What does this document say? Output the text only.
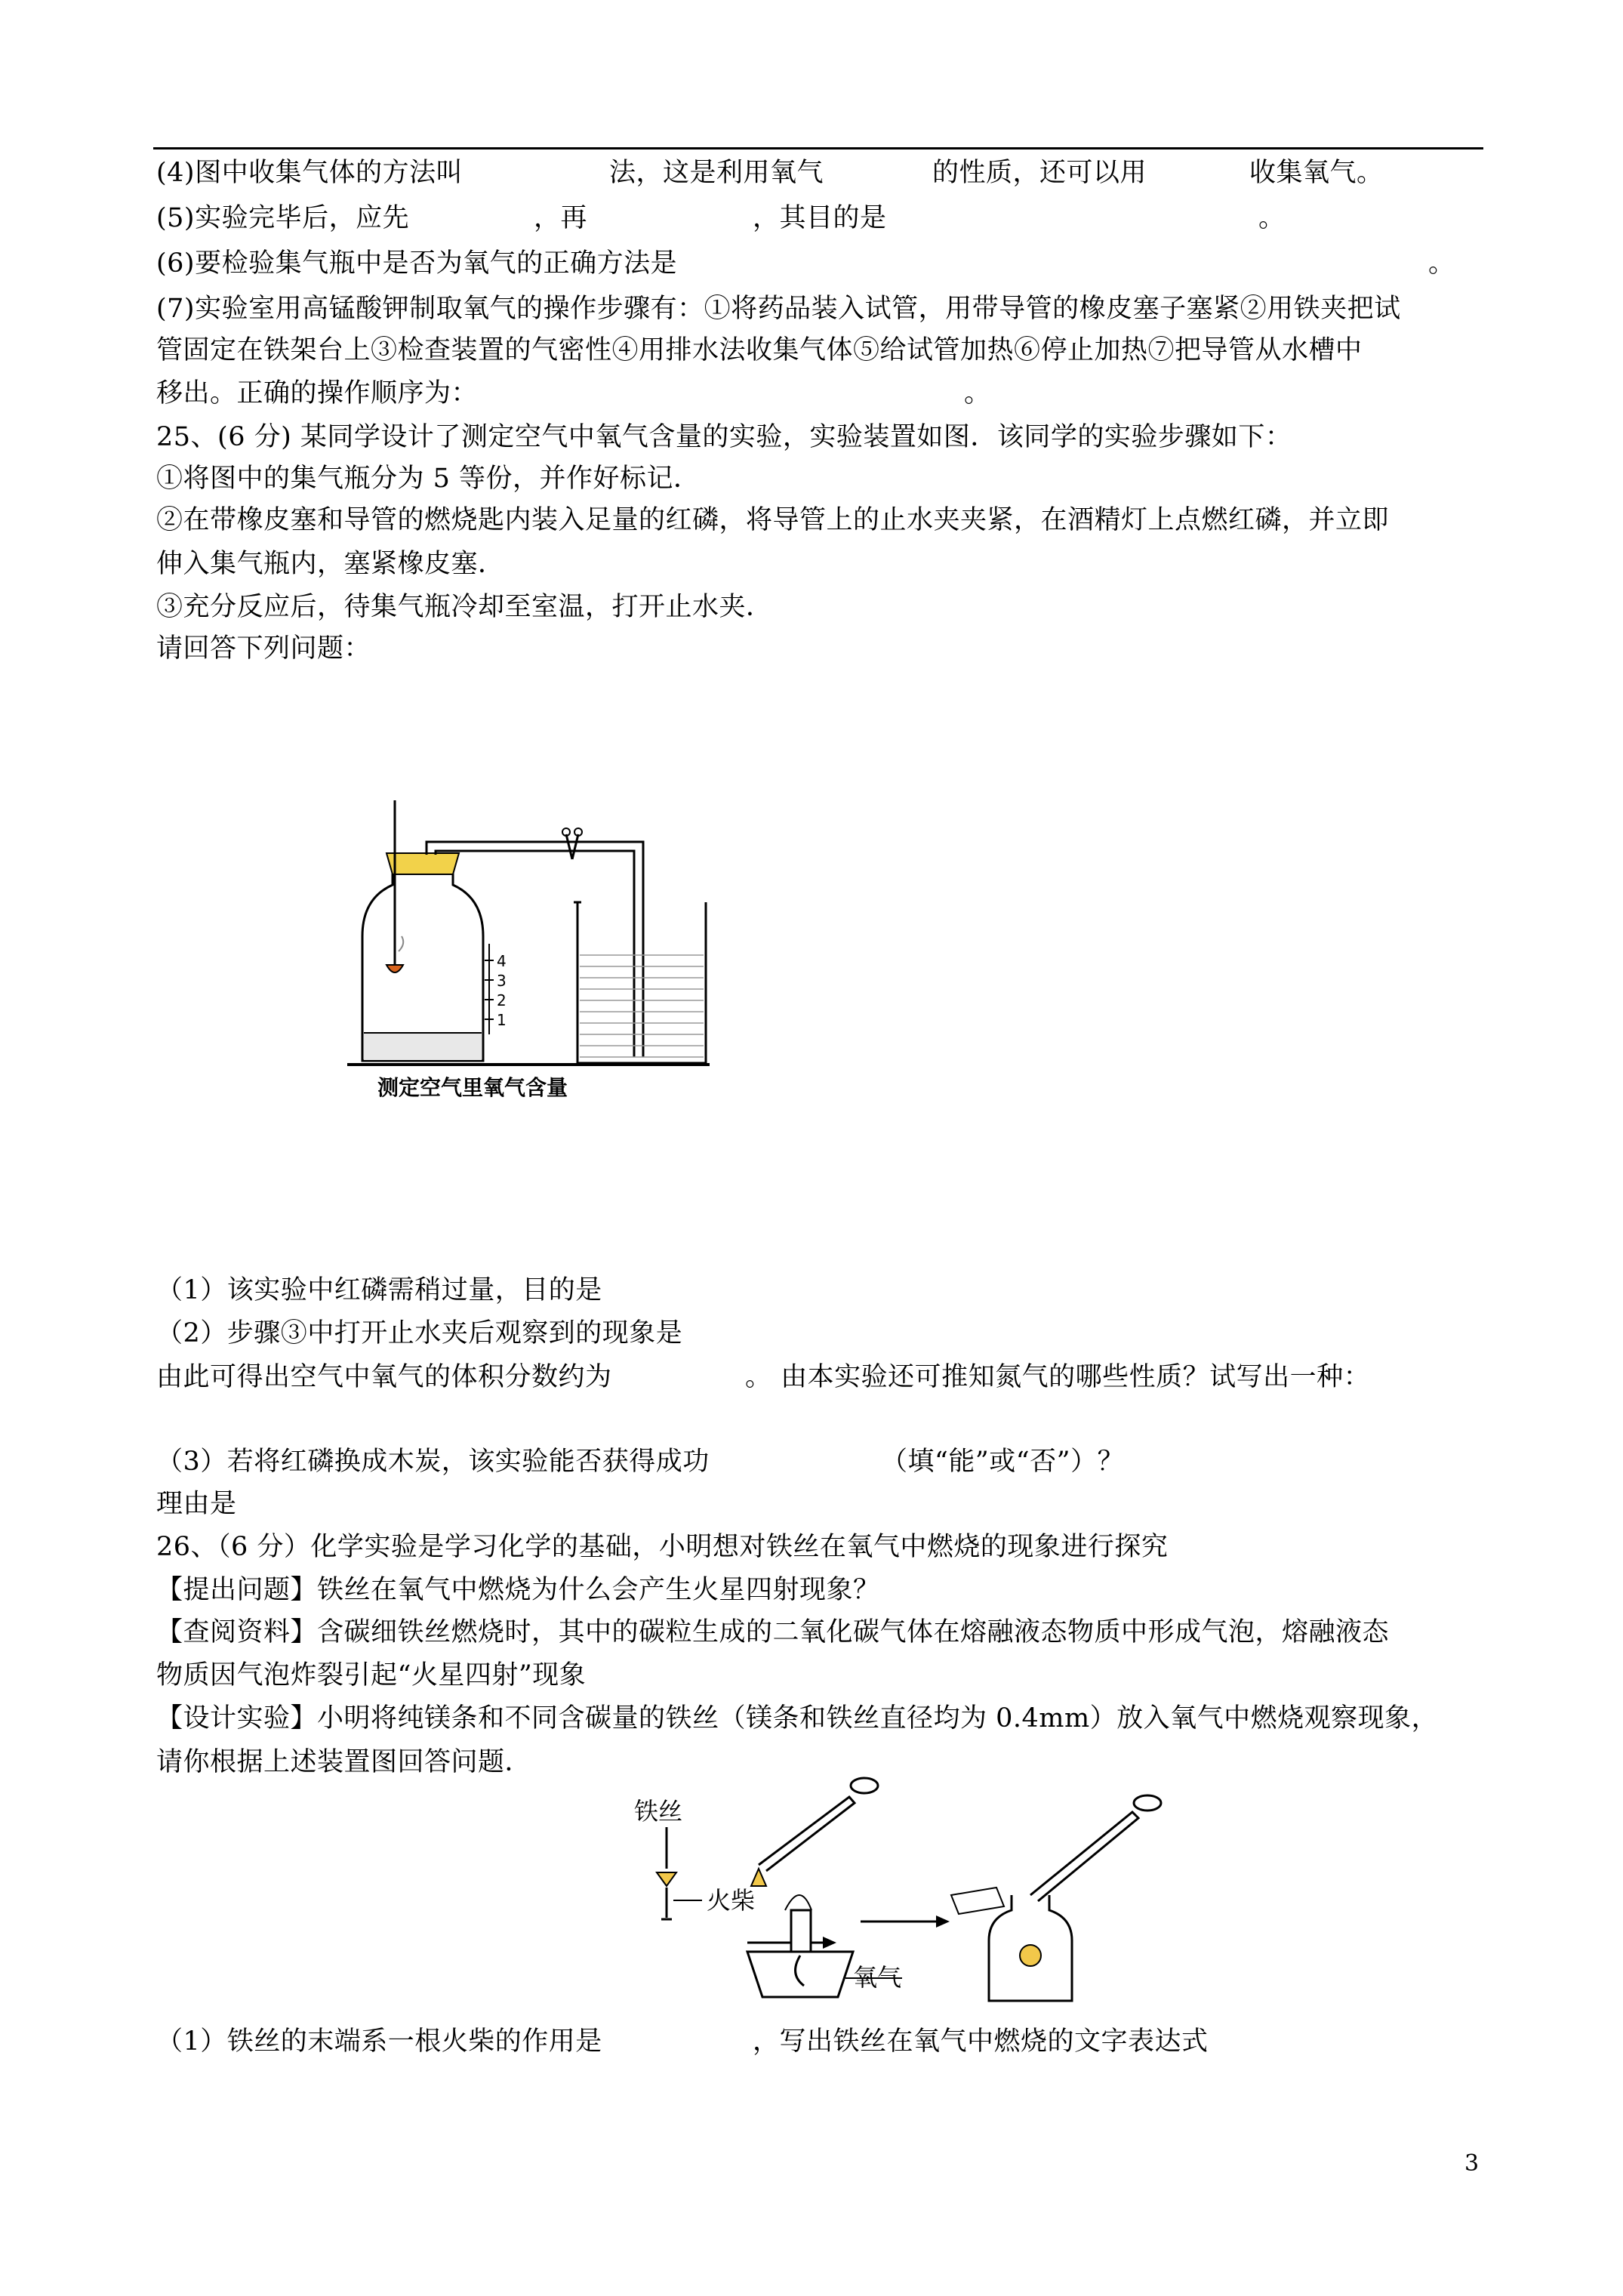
(4)图中收集气体的方法叫	法，这是利用氧气	的性质，还可以用	收集氧气。
(5)实验完毕后，应先	，再	，其目的是	。
(6)要检验集气瓶中是否为氧气的正确方法是	。
(7)实验室用高锰酸钾制取氧气的操作步骤有：①将药品装入试管，用带导管的橡皮塞子塞紧②用铁夹把试
管固定在铁架台上③检查装置的气密性④用排水法收集气体⑤给试管加热⑥停止加热⑦把导管从水槽中
移出。正确的操作顺序为：	。
25、(6 分) 某同学设计了测定空气中氧气含量的实验，实验装置如图．该同学的实验步骤如下：
①将图中的集气瓶分为 5 等份，并作好标记．
②在带橡皮塞和导管的燃烧匙内装入足量的红磷，将导管上的止水夹夹紧，在酒精灯上点燃红磷，并立即
伸入集气瓶内，塞紧橡皮塞．
③充分反应后，待集气瓶冷却至室温，打开止水夹．
请回答下列问题：
4
3
2
1
测定空气里氧气含量
（1）该实验中红磷需稍过量，目的是
（2）步骤③中打开止水夹后观察到的现象是
由此可得出空气中氧气的体积分数约为	。 由本实验还可推知氮气的哪些性质？试写出一种：
（3）若将红磷换成木炭，该实验能否获得成功	（填“能”或“否”）？
理由是
26、（6 分）化学实验是学习化学的基础，小明想对铁丝在氧气中燃烧的现象进行探究
【提出问题】铁丝在氧气中燃烧为什么会产生火星四射现象？
【查阅资料】含碳细铁丝燃烧时，其中的碳粒生成的二氧化碳气体在熔融液态物质中形成气泡，熔融液态
物质因气泡炸裂引起“火星四射”现象
【设计实验】小明将纯镁条和不同含碳量的铁丝（镁条和铁丝直径均为 0.4mm）放入氧气中燃烧观察现象，
请你根据上述装置图回答问题．
铁丝
火柴
氧气
（1）铁丝的末端系一根火柴的作用是	，写出铁丝在氧气中燃烧的文字表达式
3
